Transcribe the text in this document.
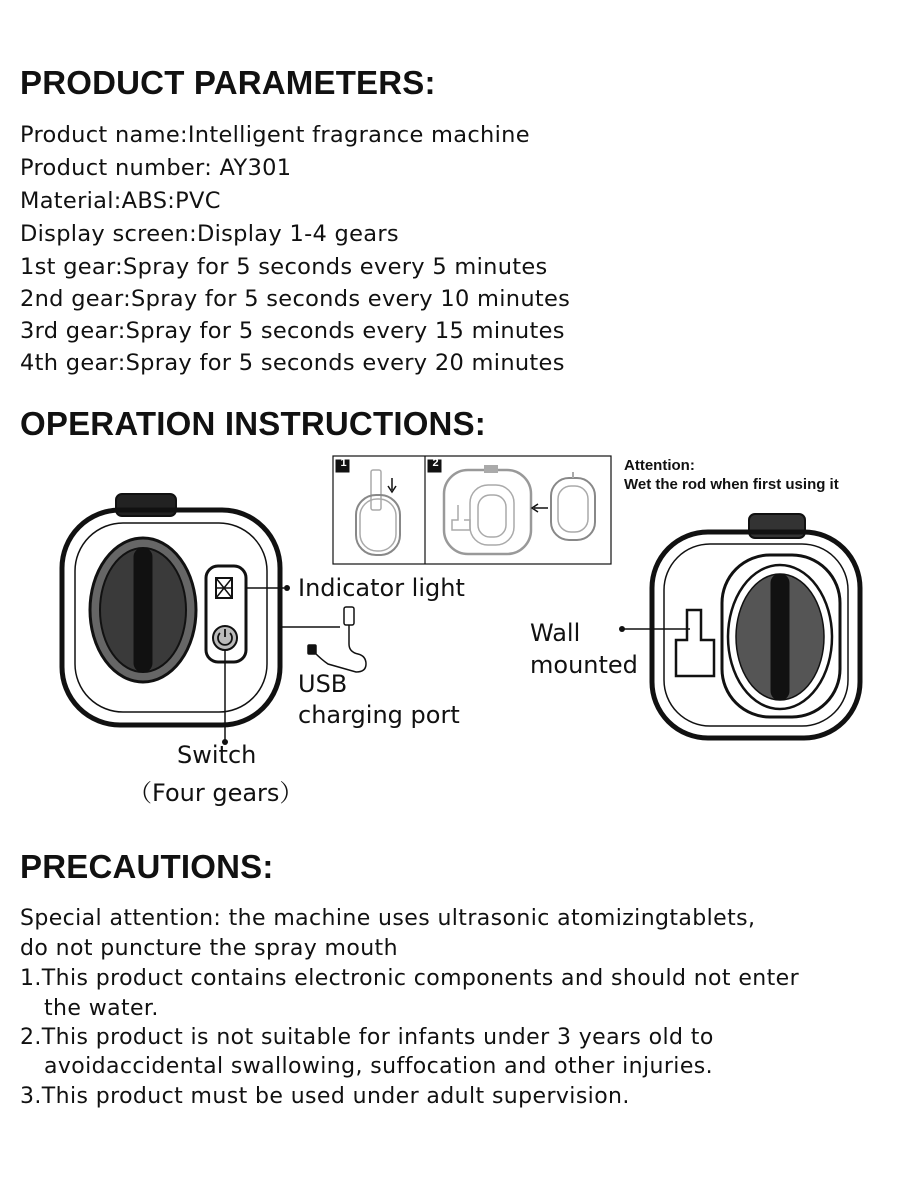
PRODUCT PARAMETERS:
Product name:Intelligent fragrance machine
Product number: AY301
Material:ABS:PVC
Display screen:Display 1-4 gears
1st gear:Spray for 5 seconds every 5 minutes
2nd gear:Spray for 5 seconds every 10 minutes
3rd gear:Spray for 5 seconds every 15 minutes
4th gear:Spray for 5 seconds every 20 minutes
OPERATION INSTRUCTIONS:
1	2	Attention:
Wet the rod when first using it
Indicator light
USB
charging port
Switch
（Four gears）
Wall
mounted
PRECAUTIONS:
Special attention: the machine uses ultrasonic atomizingtablets,
do not puncture the spray mouth
1.This product contains electronic components and should not enter
the water.
2.This product is not suitable for infants under 3 years old to
avoidaccidental swallowing, suffocation and other injuries.
3.This product must be used under adult supervision.
